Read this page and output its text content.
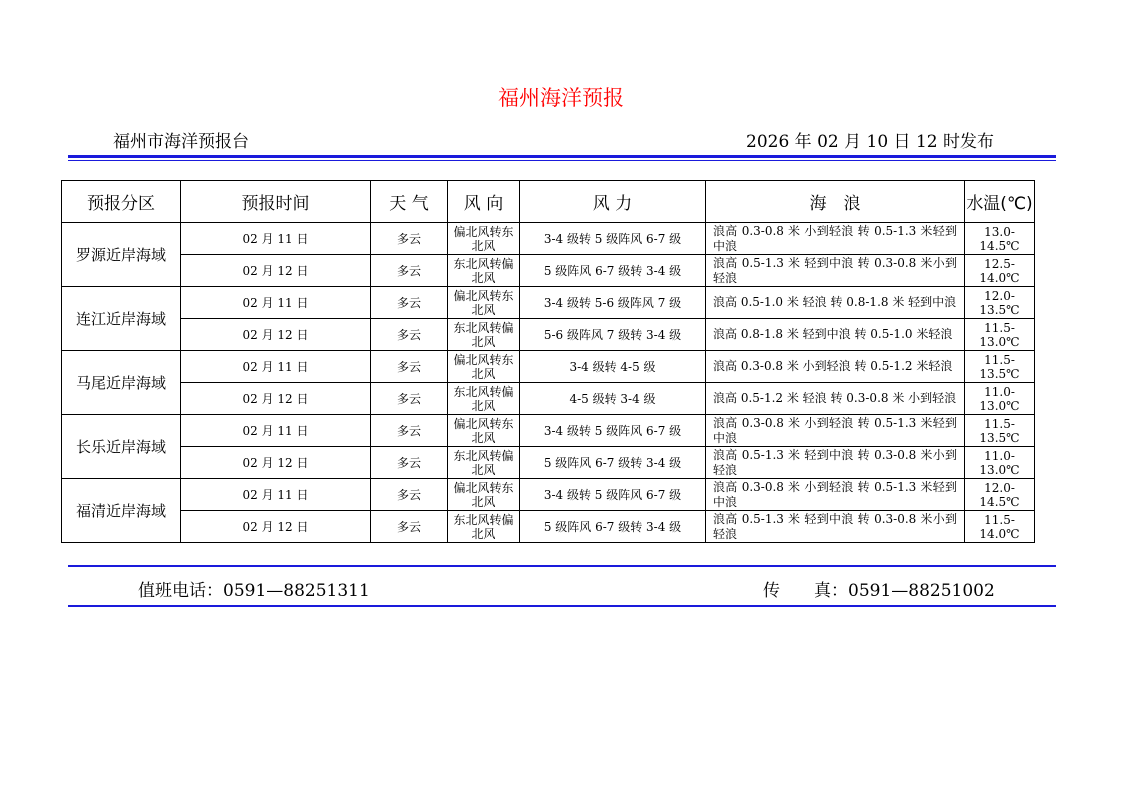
福州海洋预报
福州市海洋预报台	2026 年 02 月 10 日 12 时发布
预报分区	预报时间	天 气	风 向	风 力	海　浪	水温(℃)
罗源近岸海域	02 月 11 日	多云	偏北风转东北风	3-4 级转 5 级阵风 6-7 级	浪高 0.3-0.8 米 小到轻浪 转 0.5-1.3 米轻到中浪	13.0-14.5℃
	02 月 12 日	多云	东北风转偏北风	5 级阵风 6-7 级转 3-4 级	浪高 0.5-1.3 米 轻到中浪 转 0.3-0.8 米小到轻浪	12.5-14.0℃
连江近岸海域	02 月 11 日	多云	偏北风转东北风	3-4 级转 5-6 级阵风 7 级	浪高 0.5-1.0 米 轻浪 转 0.8-1.8 米 轻到中浪	12.0-13.5℃
	02 月 12 日	多云	东北风转偏北风	5-6 级阵风 7 级转 3-4 级	浪高 0.8-1.8 米 轻到中浪 转 0.5-1.0 米轻浪	11.5-13.0℃
马尾近岸海域	02 月 11 日	多云	偏北风转东北风	3-4 级转 4-5 级	浪高 0.3-0.8 米 小到轻浪 转 0.5-1.2 米轻浪	11.5-13.5℃
	02 月 12 日	多云	东北风转偏北风	4-5 级转 3-4 级	浪高 0.5-1.2 米 轻浪 转 0.3-0.8 米 小到轻浪	11.0-13.0℃
长乐近岸海域	02 月 11 日	多云	偏北风转东北风	3-4 级转 5 级阵风 6-7 级	浪高 0.3-0.8 米 小到轻浪 转 0.5-1.3 米轻到中浪	11.5-13.5℃
	02 月 12 日	多云	东北风转偏北风	5 级阵风 6-7 级转 3-4 级	浪高 0.5-1.3 米 轻到中浪 转 0.3-0.8 米小到轻浪	11.0-13.0℃
福清近岸海域	02 月 11 日	多云	偏北风转东北风	3-4 级转 5 级阵风 6-7 级	浪高 0.3-0.8 米 小到轻浪 转 0.5-1.3 米轻到中浪	12.0-14.5℃
	02 月 12 日	多云	东北风转偏北风	5 级阵风 6-7 级转 3-4 级	浪高 0.5-1.3 米 轻到中浪 转 0.3-0.8 米小到轻浪	11.5-14.0℃
值班电话：0591—88251311	传　　真：0591—88251002
